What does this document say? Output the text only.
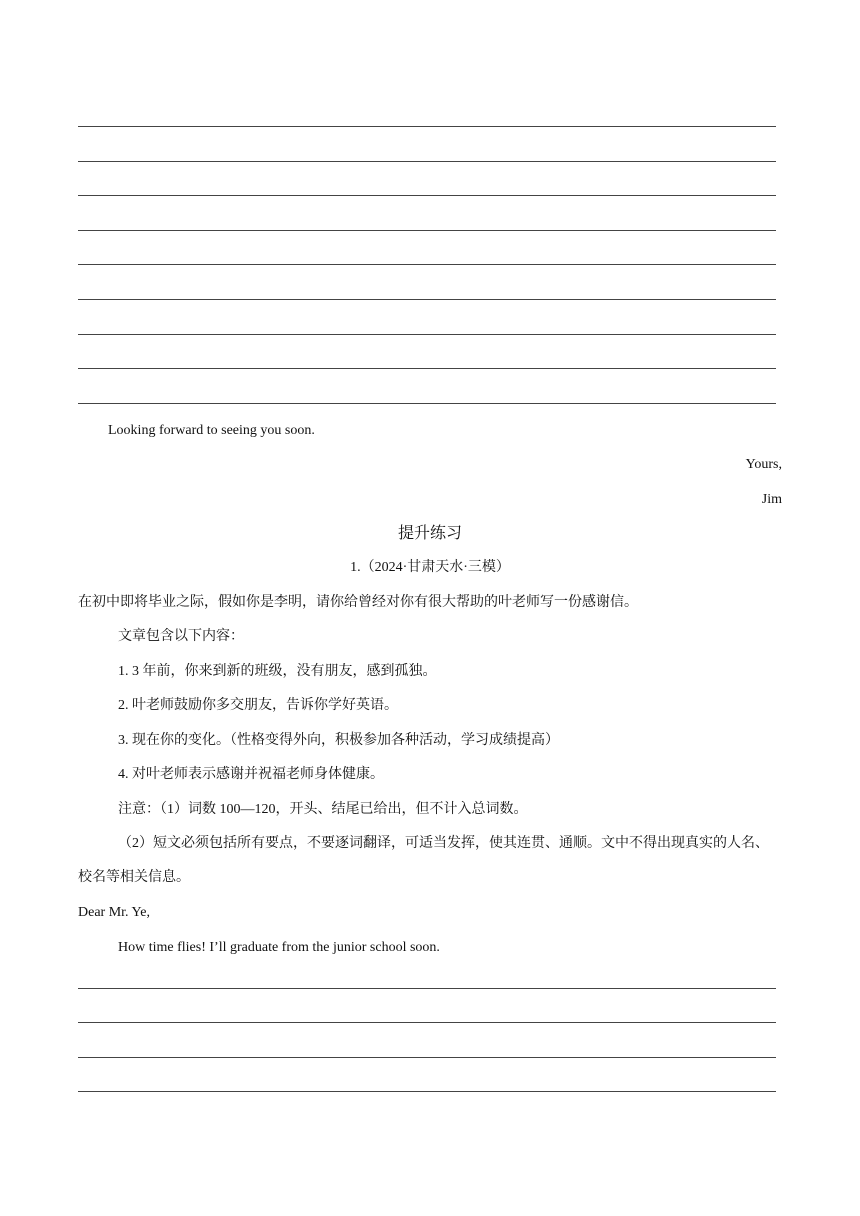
Looking forward to seeing you soon.
Yours,
Jim
提升练习
1.（2024·甘肃天水·三模）
在初中即将毕业之际，假如你是李明，请你给曾经对你有很大帮助的叶老师写一份感谢信。
文章包含以下内容：
1. 3 年前，你来到新的班级，没有朋友，感到孤独。
2. 叶老师鼓励你多交朋友，告诉你学好英语。
3. 现在你的变化。（性格变得外向，积极参加各种活动，学习成绩提高）
4. 对叶老师表示感谢并祝福老师身体健康。
注意：（1）词数 100—120，开头、结尾已给出，但不计入总词数。
（2）短文必须包括所有要点，不要逐词翻译，可适当发挥，使其连贯、通顺。文中不得出现真实的人名、校名等相关信息。
Dear Mr. Ye,
How time flies! I’ll graduate from the junior school soon.
